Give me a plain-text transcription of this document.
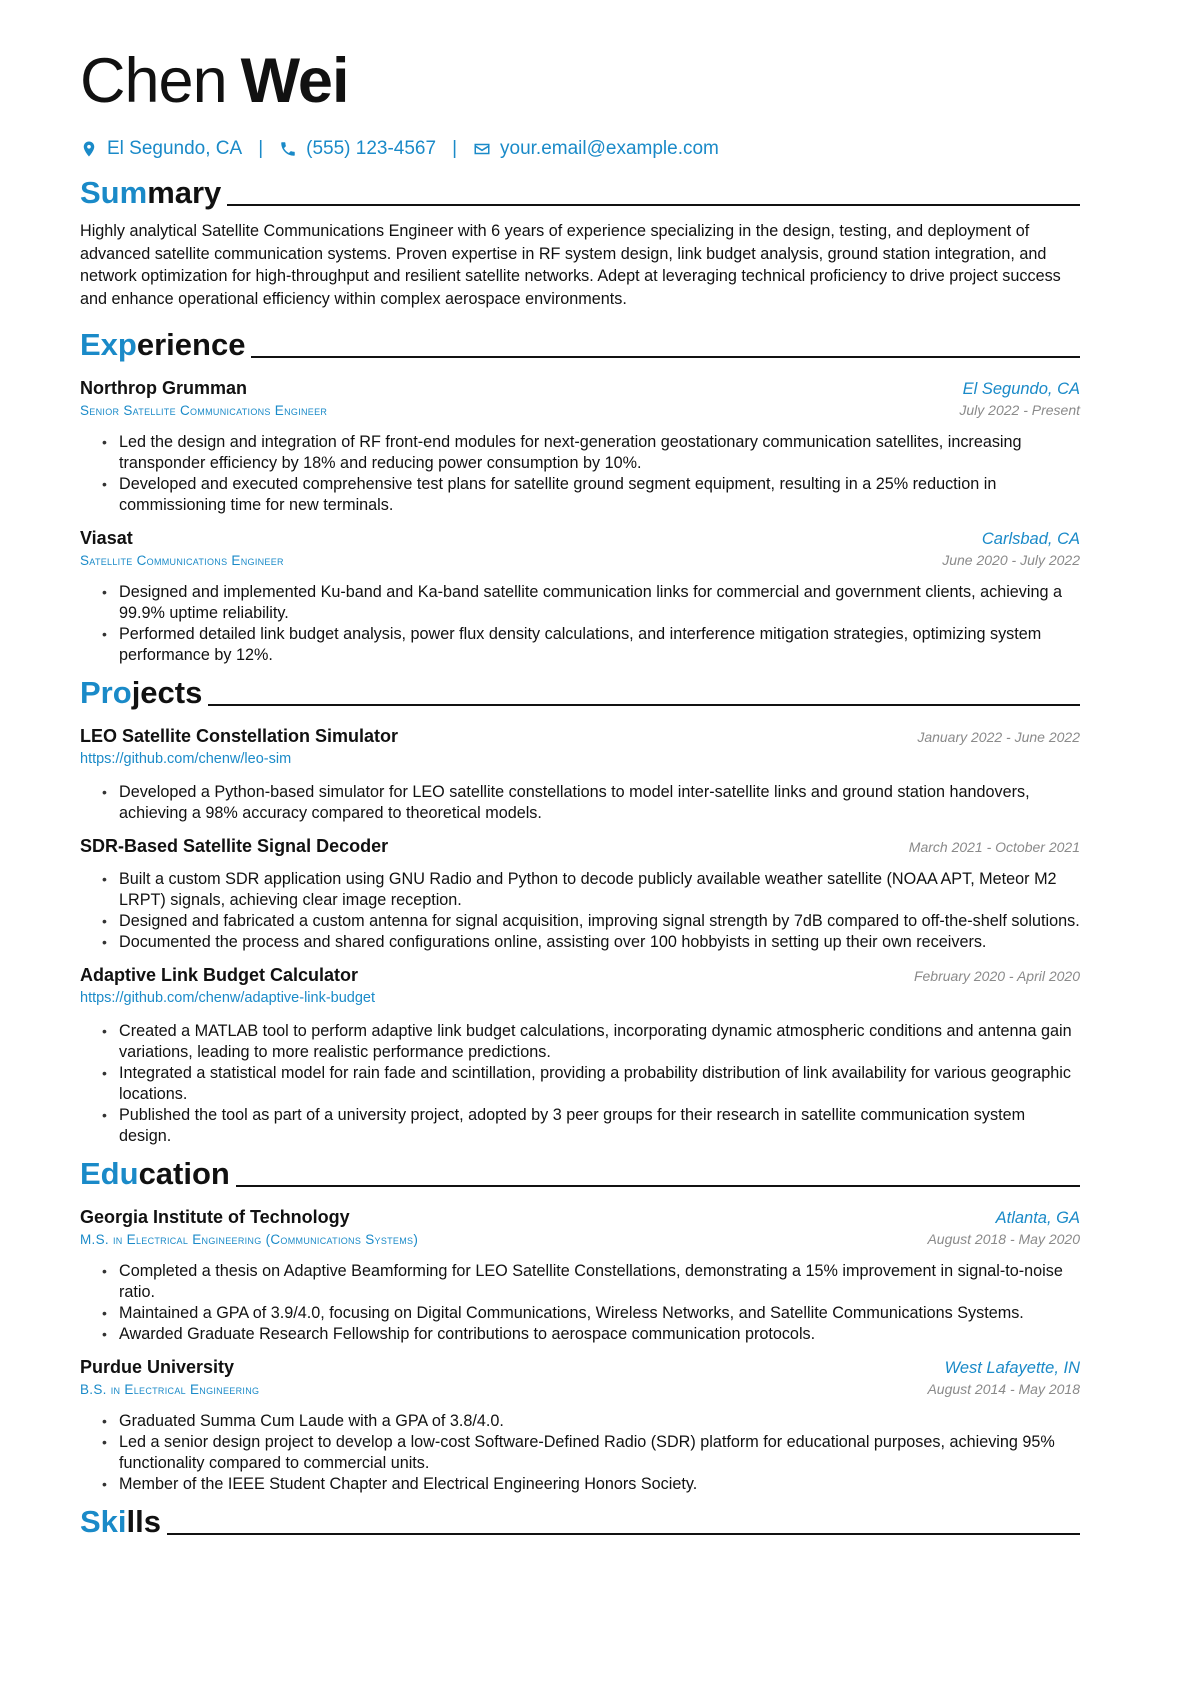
Chen Wei
El Segundo, CA | (555) 123-4567 | your.email@example.com
Summary

Highly analytical Satellite Communications Engineer with 6 years of experience specializing in the design, testing, and deployment of advanced satellite communication systems. Proven expertise in RF system design, link budget analysis, ground station integration, and network optimization for high-throughput and resilient satellite networks. Adept at leveraging technical proficiency to drive project success and enhance operational efficiency within complex aerospace environments.

Experience
Northrop Grumman	El Segundo, CA
Senior Satellite Communications Engineer	July 2022 - Present
• Led the design and integration of RF front-end modules for next-generation geostationary communication satellites, increasing transponder efficiency by 18% and reducing power consumption by 10%.
• Developed and executed comprehensive test plans for satellite ground segment equipment, resulting in a 25% reduction in commissioning time for new terminals.
Viasat	Carlsbad, CA
Satellite Communications Engineer	June 2020 - July 2022
• Designed and implemented Ku-band and Ka-band satellite communication links for commercial and government clients, achieving a 99.9% uptime reliability.
• Performed detailed link budget analysis, power flux density calculations, and interference mitigation strategies, optimizing system performance by 12%.
Projects
LEO Satellite Constellation Simulator	January 2022 - June 2022
https://github.com/chenw/leo-sim
• Developed a Python-based simulator for LEO satellite constellations to model inter-satellite links and ground station handovers, achieving a 98% accuracy compared to theoretical models.
SDR-Based Satellite Signal Decoder	March 2021 - October 2021
• Built a custom SDR application using GNU Radio and Python to decode publicly available weather satellite (NOAA APT, Meteor M2 LRPT) signals, achieving clear image reception.
• Designed and fabricated a custom antenna for signal acquisition, improving signal strength by 7dB compared to off-the-shelf solutions.
• Documented the process and shared configurations online, assisting over 100 hobbyists in setting up their own receivers.
Adaptive Link Budget Calculator	February 2020 - April 2020
https://github.com/chenw/adaptive-link-budget
• Created a MATLAB tool to perform adaptive link budget calculations, incorporating dynamic atmospheric conditions and antenna gain variations, leading to more realistic performance predictions.
• Integrated a statistical model for rain fade and scintillation, providing a probability distribution of link availability for various geographic locations.
• Published the tool as part of a university project, adopted by 3 peer groups for their research in satellite communication system design.
Education
Georgia Institute of Technology	Atlanta, GA
M.S. in Electrical Engineering (Communications Systems)	August 2018 - May 2020
• Completed a thesis on Adaptive Beamforming for LEO Satellite Constellations, demonstrating a 15% improvement in signal-to-noise ratio.
• Maintained a GPA of 3.9/4.0, focusing on Digital Communications, Wireless Networks, and Satellite Communications Systems.
• Awarded Graduate Research Fellowship for contributions to aerospace communication protocols.
Purdue University	West Lafayette, IN
B.S. in Electrical Engineering	August 2014 - May 2018
• Graduated Summa Cum Laude with a GPA of 3.8/4.0.
• Led a senior design project to develop a low-cost Software-Defined Radio (SDR) platform for educational purposes, achieving 95% functionality compared to commercial units.
• Member of the IEEE Student Chapter and Electrical Engineering Honors Society.
Skills
